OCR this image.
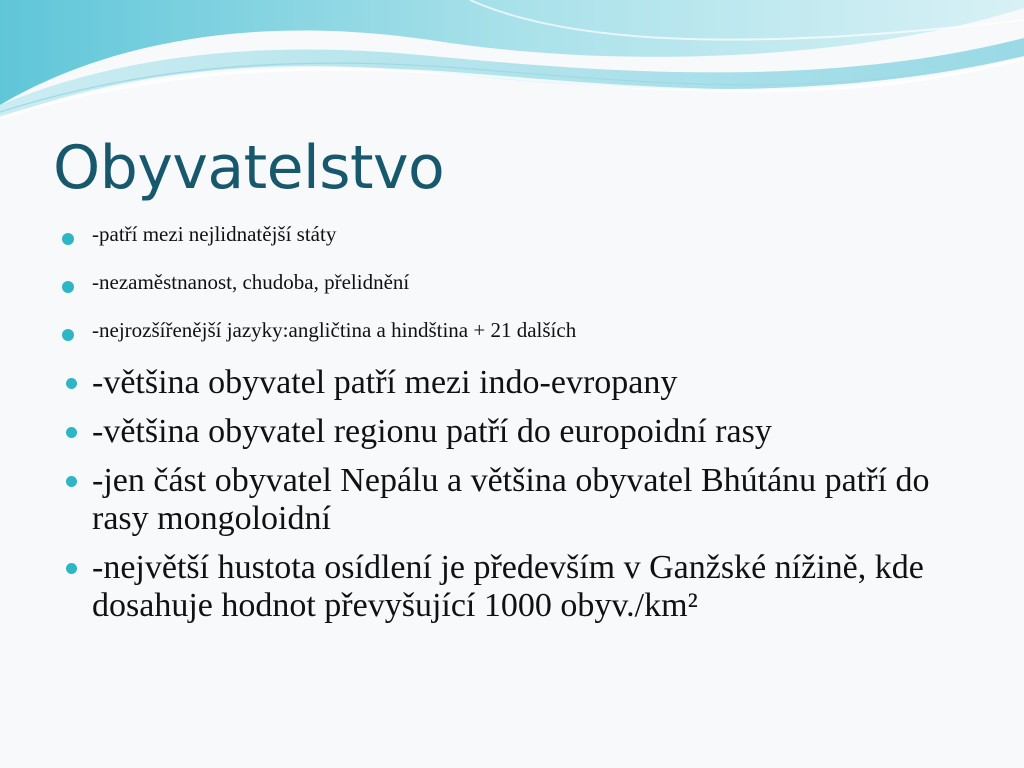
Obyvatelstvo
-patří mezi nejlidnatější státy
-nezaměstnanost, chudoba, přelidnění
-nejrozšířenější jazyky:angličtina a hindština + 21 dalších
-většina obyvatel patří mezi indo-evropany
-většina obyvatel regionu patří do europoidní rasy
-jen část obyvatel Nepálu a většina obyvatel Bhútánu patří do rasy mongoloidní
-největší hustota osídlení je především v Ganžské nížině, kde dosahuje hodnot převyšující 1000 obyv./km²
